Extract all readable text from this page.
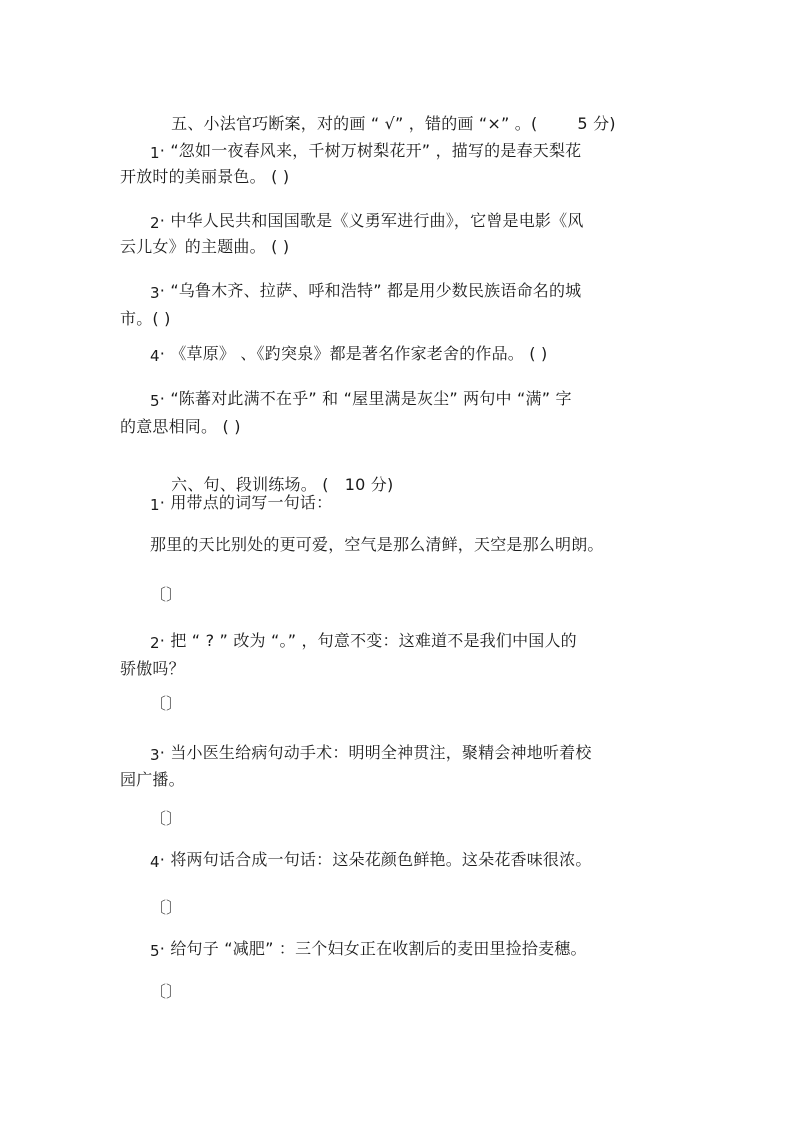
五、小法官巧断案，对的画 “ √” ，错的画 “×” 。(	5 分)

1· “忽如一夜春风来，千树万树梨花开” ，描写的是春天梨花
开放时的美丽景色。 ( )
2· 中华人民共和国国歌是《义勇军进行曲》，它曾是电影《风
云儿女》的主题曲。 ( )
3· “乌鲁木齐、拉萨、呼和浩特” 都是用少数民族语命名的城
市。( )
4· 《草原》 、《趵突泉》都是著名作家老舍的作品。 ( )
5· “陈蕃对此满不在乎” 和 “屋里满是灰尘” 两句中 “满” 字
的意思相同。 ( )

六、句、段训练场。 ( 10 分)

1· 用带点的词写一句话：
那里的天比别处的更可爱，空气是那么清鲜，天空是那么明朗。
〔〕
2· 把 “ ? ” 改为 “。” ，句意不变：这难道不是我们中国人的
骄傲吗？
〔〕
3· 当小医生给病句动手术：明明全神贯注，聚精会神地听着校
园广播。
〔〕
4· 将两句话合成一句话：这朵花颜色鲜艳。这朵花香味很浓。
〔〕
5· 给句子 “减肥” ：三个妇女正在收割后的麦田里捡拾麦穗。
〔〕
